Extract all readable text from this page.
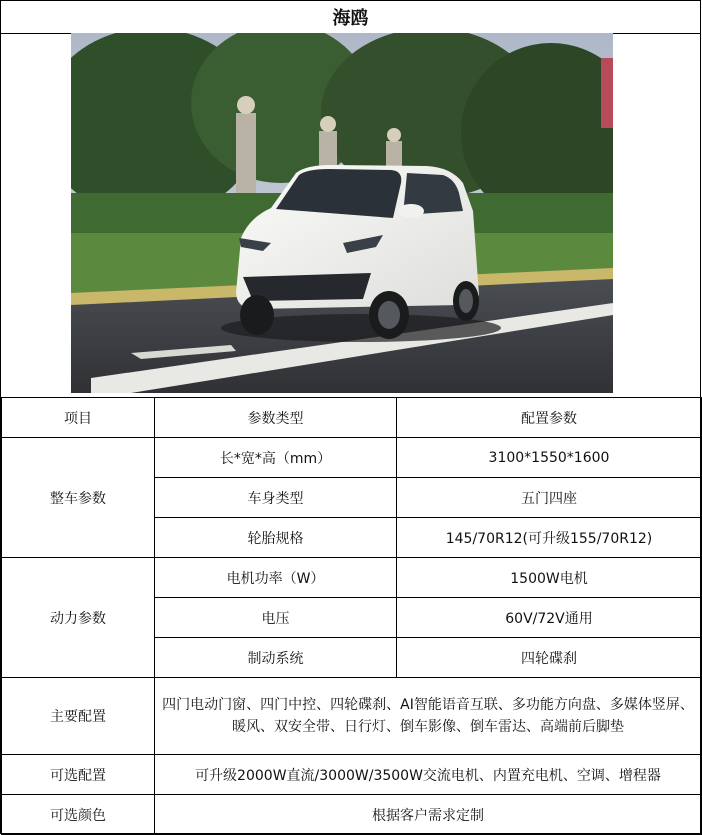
海鸥
项目	参数类型	配置参数
整车参数	长*宽*高（mm）	3100*1550*1600
	车身类型	五门四座
	轮胎规格	145/70R12(可升级155/70R12)
动力参数	电机功率（W）	1500W电机
	电压	60V/72V通用
	制动系统	四轮碟刹
主要配置	四门电动门窗、四门中控、四轮碟刹、AI智能语音互联、多功能方向盘、多媒体竖屏、暖风、双安全带、日行灯、倒车影像、倒车雷达、高端前后脚垫	
可选配置	可升级2000W直流/3000W/3500W交流电机、内置充电机、空调、增程器	
可选颜色	根据客户需求定制	
